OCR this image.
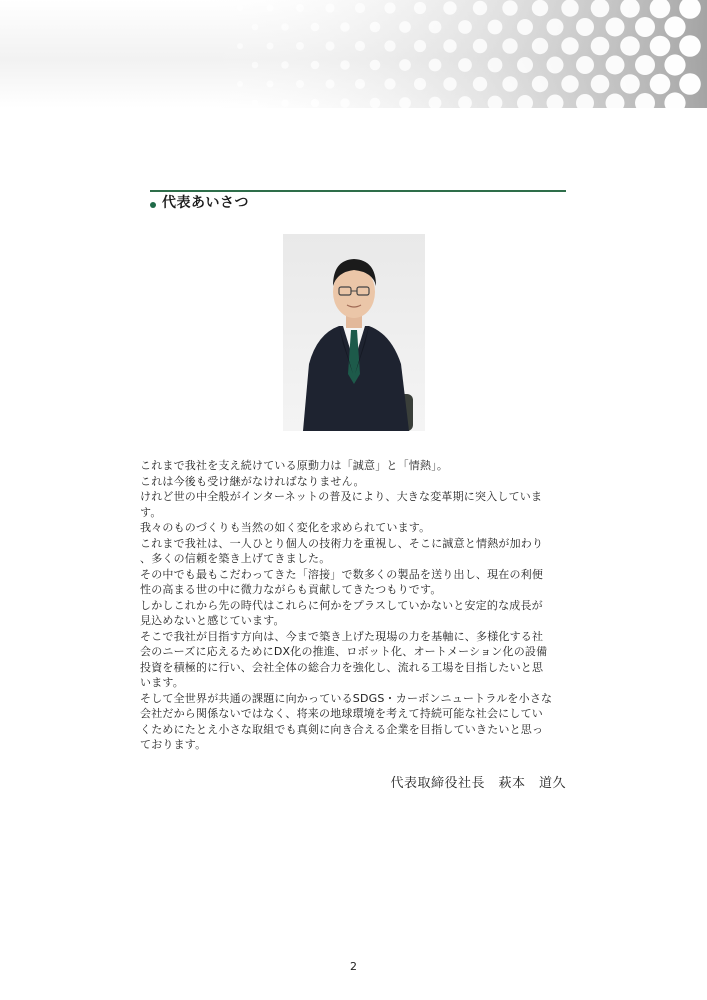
代表あいさつ

これまで我社を支え続けている原動力は「誠意」と「情熱」。

これは今後も受け継がなければなりません。

けれど世の中全般がインターネットの普及により、大きな変革期に突入していま

す。

我々のものづくりも当然の如く変化を求められています。

これまで我社は、一人ひとり個人の技術力を重視し、そこに誠意と情熱が加わり

、多くの信頼を築き上げてきました。

その中でも最もこだわってきた「溶接」で数多くの製品を送り出し、現在の利便

性の高まる世の中に微力ながらも貢献してきたつもりです。

しかしこれから先の時代はこれらに何かをプラスしていかないと安定的な成長が

見込めないと感じています。

そこで我社が目指す方向は、今まで築き上げた現場の力を基軸に、多様化する社

会のニーズに応えるためにDX化の推進、ロボット化、オートメーション化の設備

投資を積極的に行い、会社全体の総合力を強化し、流れる工場を目指したいと思

います。

そして全世界が共通の課題に向かっているSDGS・カーボンニュートラルを小さな

会社だから関係ないではなく、将来の地球環境を考えて持続可能な社会にしてい

くためにたとえ小さな取組でも真剣に向き合える企業を目指していきたいと思っ

ております。

代表取締役社長　萩本　道久
2
